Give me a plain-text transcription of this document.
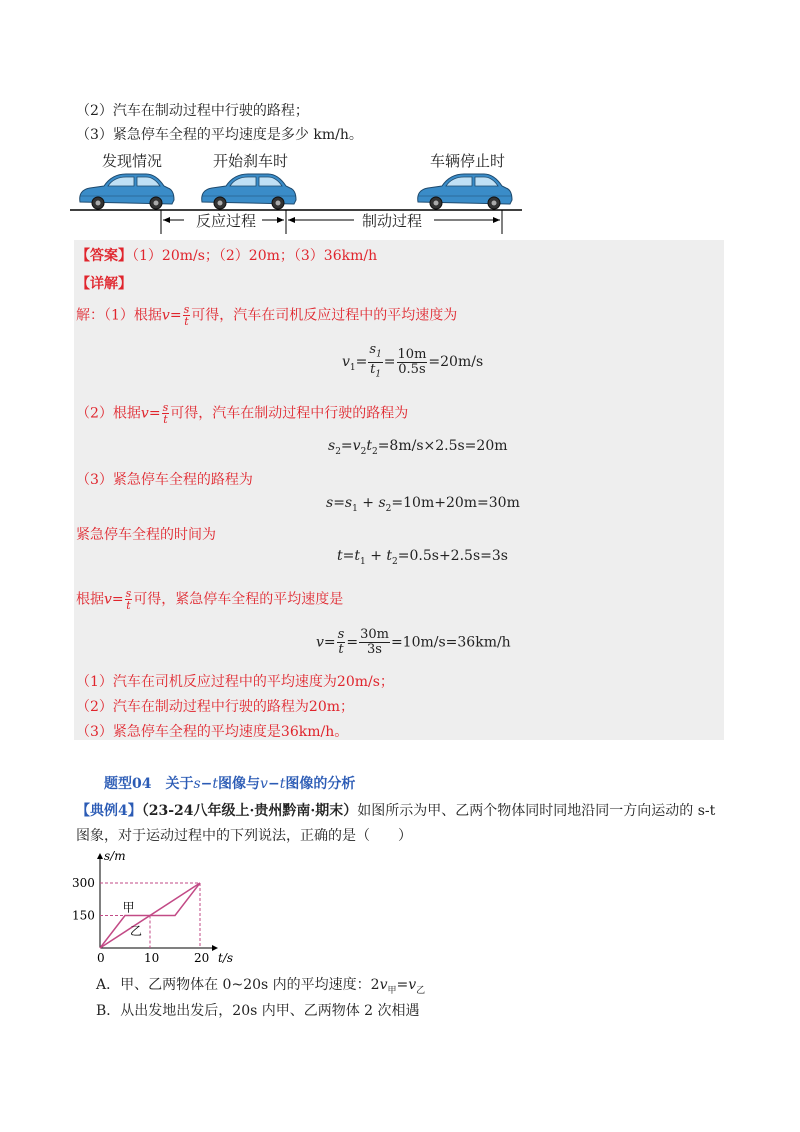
（2）汽车在制动过程中行驶的路程；
（3）紧急停车全程的平均速度是多少 km/h。
发现情况	开始刹车时	车辆停止时
反应过程	制动过程
【答案】（1）20m/s；（2）20m；（3）36km/h
【详解】
解：（1）根据$v= \frac{s}{t}$ 可得，汽车在司机反应过程中的平均速度为
$v_1= \frac{s_1}{t_1} = \frac{10m}{0.5s} =20m/s$
（2）根据$v= \frac{s}{t}$ 可得，汽车在制动过程中行驶的路程为
$s_2=v_2t_2=8m/s\times 2.5s=20m$
（3）紧急停车全程的路程为
$s=s_1 + s_2=10m+20m=30m$
紧急停车全程的时间为
$t=t_1 + t_2=0.5s+2.5s=3s$
根据$v= \frac{s}{t}$ 可得，紧急停车全程的平均速度是
$v= \frac{s}{t} = \frac{30m}{3s} =10m/s=36km/h$
（1）汽车在司机反应过程中的平均速度为20m/s；
（2）汽车在制动过程中行驶的路程为20m；
（3）紧急停车全程的平均速度是36km/h。
题型04　关于s−t图像与v−t图像的分析
【典例4】（23-24八年级上·贵州黔南·期末）如图所示为甲、乙两个物体同时同地沿同一方向运动的 s-t
图象，对于运动过程中的下列说法，正确的是（　　）
甲
乙
0	10	20
150
300
s/m
t/s
A．甲、乙两物体在 0~20s 内的平均速度：$2v_甲=v_乙$
B．从出发地出发后，20s 内甲、乙两物体 2 次相遇
